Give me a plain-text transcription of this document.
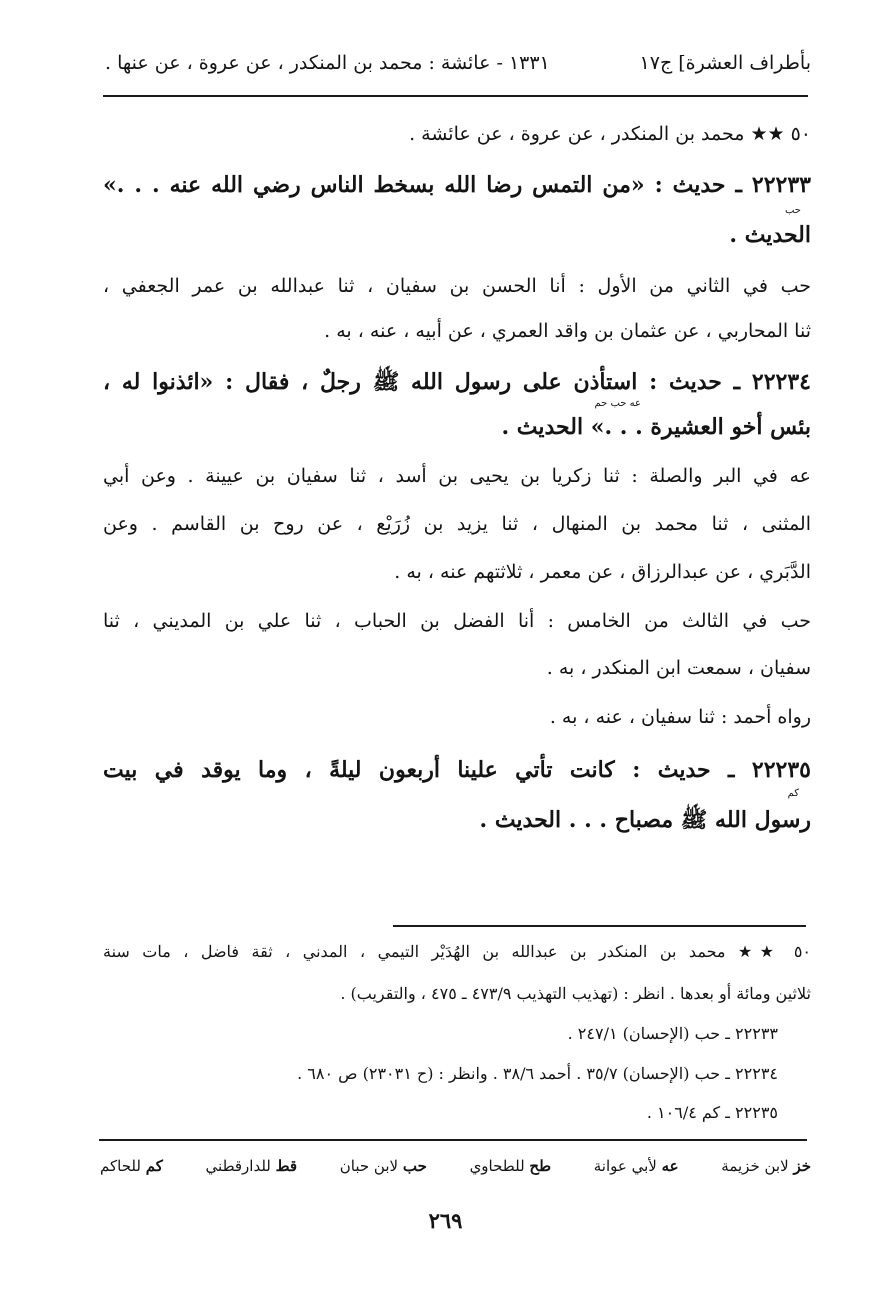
بأطراف العشرة] ج١٧
١٣٣١ - عائشة : محمد بن المنكدر ، عن عروة ، عن عنها .
٥٠ ★★ محمد بن المنكدر ، عن عروة ، عن عائشة .
٢٢٢٣٣ ـ حديث : «من التمس رضا الله بسخط الناس رضي الله عنه . . .»
حب
الحديث .
حب في الثاني من الأول : أنا الحسن بن سفيان ، ثنا عبدالله بن عمر الجعفي ،
ثنا المحاربي ، عن عثمان بن واقد العمري ، عن أبيه ، عنه ، به .
٢٢٢٣٤ ـ حديث : استأذن على رسول الله ﷺ رجلٌ ، فقال : «ائذنوا له ،
عه حب حم
بئس أخو العشيرة . . .» الحديث .
عه في البر والصلة : ثنا زكريا بن يحيى بن أسد ، ثنا سفيان بن عيينة . وعن أبي
المثنى ، ثنا محمد بن المنهال ، ثنا يزيد بن زُرَيْع ، عن روح بن القاسم . وعن
الدَّبَري ، عن عبدالرزاق ، عن معمر ، ثلاثتهم عنه ، به .
حب في الثالث من الخامس : أنا الفضل بن الحباب ، ثنا علي بن المديني ، ثنا
سفيان ، سمعت ابن المنكدر ، به .
رواه أحمد : ثنا سفيان ، عنه ، به .
٢٢٢٣٥ ـ حديث : كانت تأتي علينا أربعون ليلةً ، وما يوقد في بيت
كم
رسول الله ﷺ مصباح . . . الحديث .
٥٠ ★★ محمد بن المنكدر بن عبدالله بن الهُدَيْر التيمي ، المدني ، ثقة فاضل ، مات سنة
ثلاثين ومائة أو بعدها . انظر : (تهذيب التهذيب ٤٧٣/٩ ـ ٤٧٥ ، والتقريب) .
٢٢٢٣٣ ـ حب (الإحسان) ٢٤٧/١ .
٢٢٢٣٤ ـ حب (الإحسان) ٣٥/٧ . أحمد ٣٨/٦ . وانظر : (ح ٢٣٠٣١) ص ٦٨٠ .
٢٢٢٣٥ ـ كم ١٠٦/٤ .
خز لابن خزيمة
عه لأبي عوانة
طح للطحاوي
حب لابن حبان
قط للدارقطني
كم للحاكم
٢٦٩
